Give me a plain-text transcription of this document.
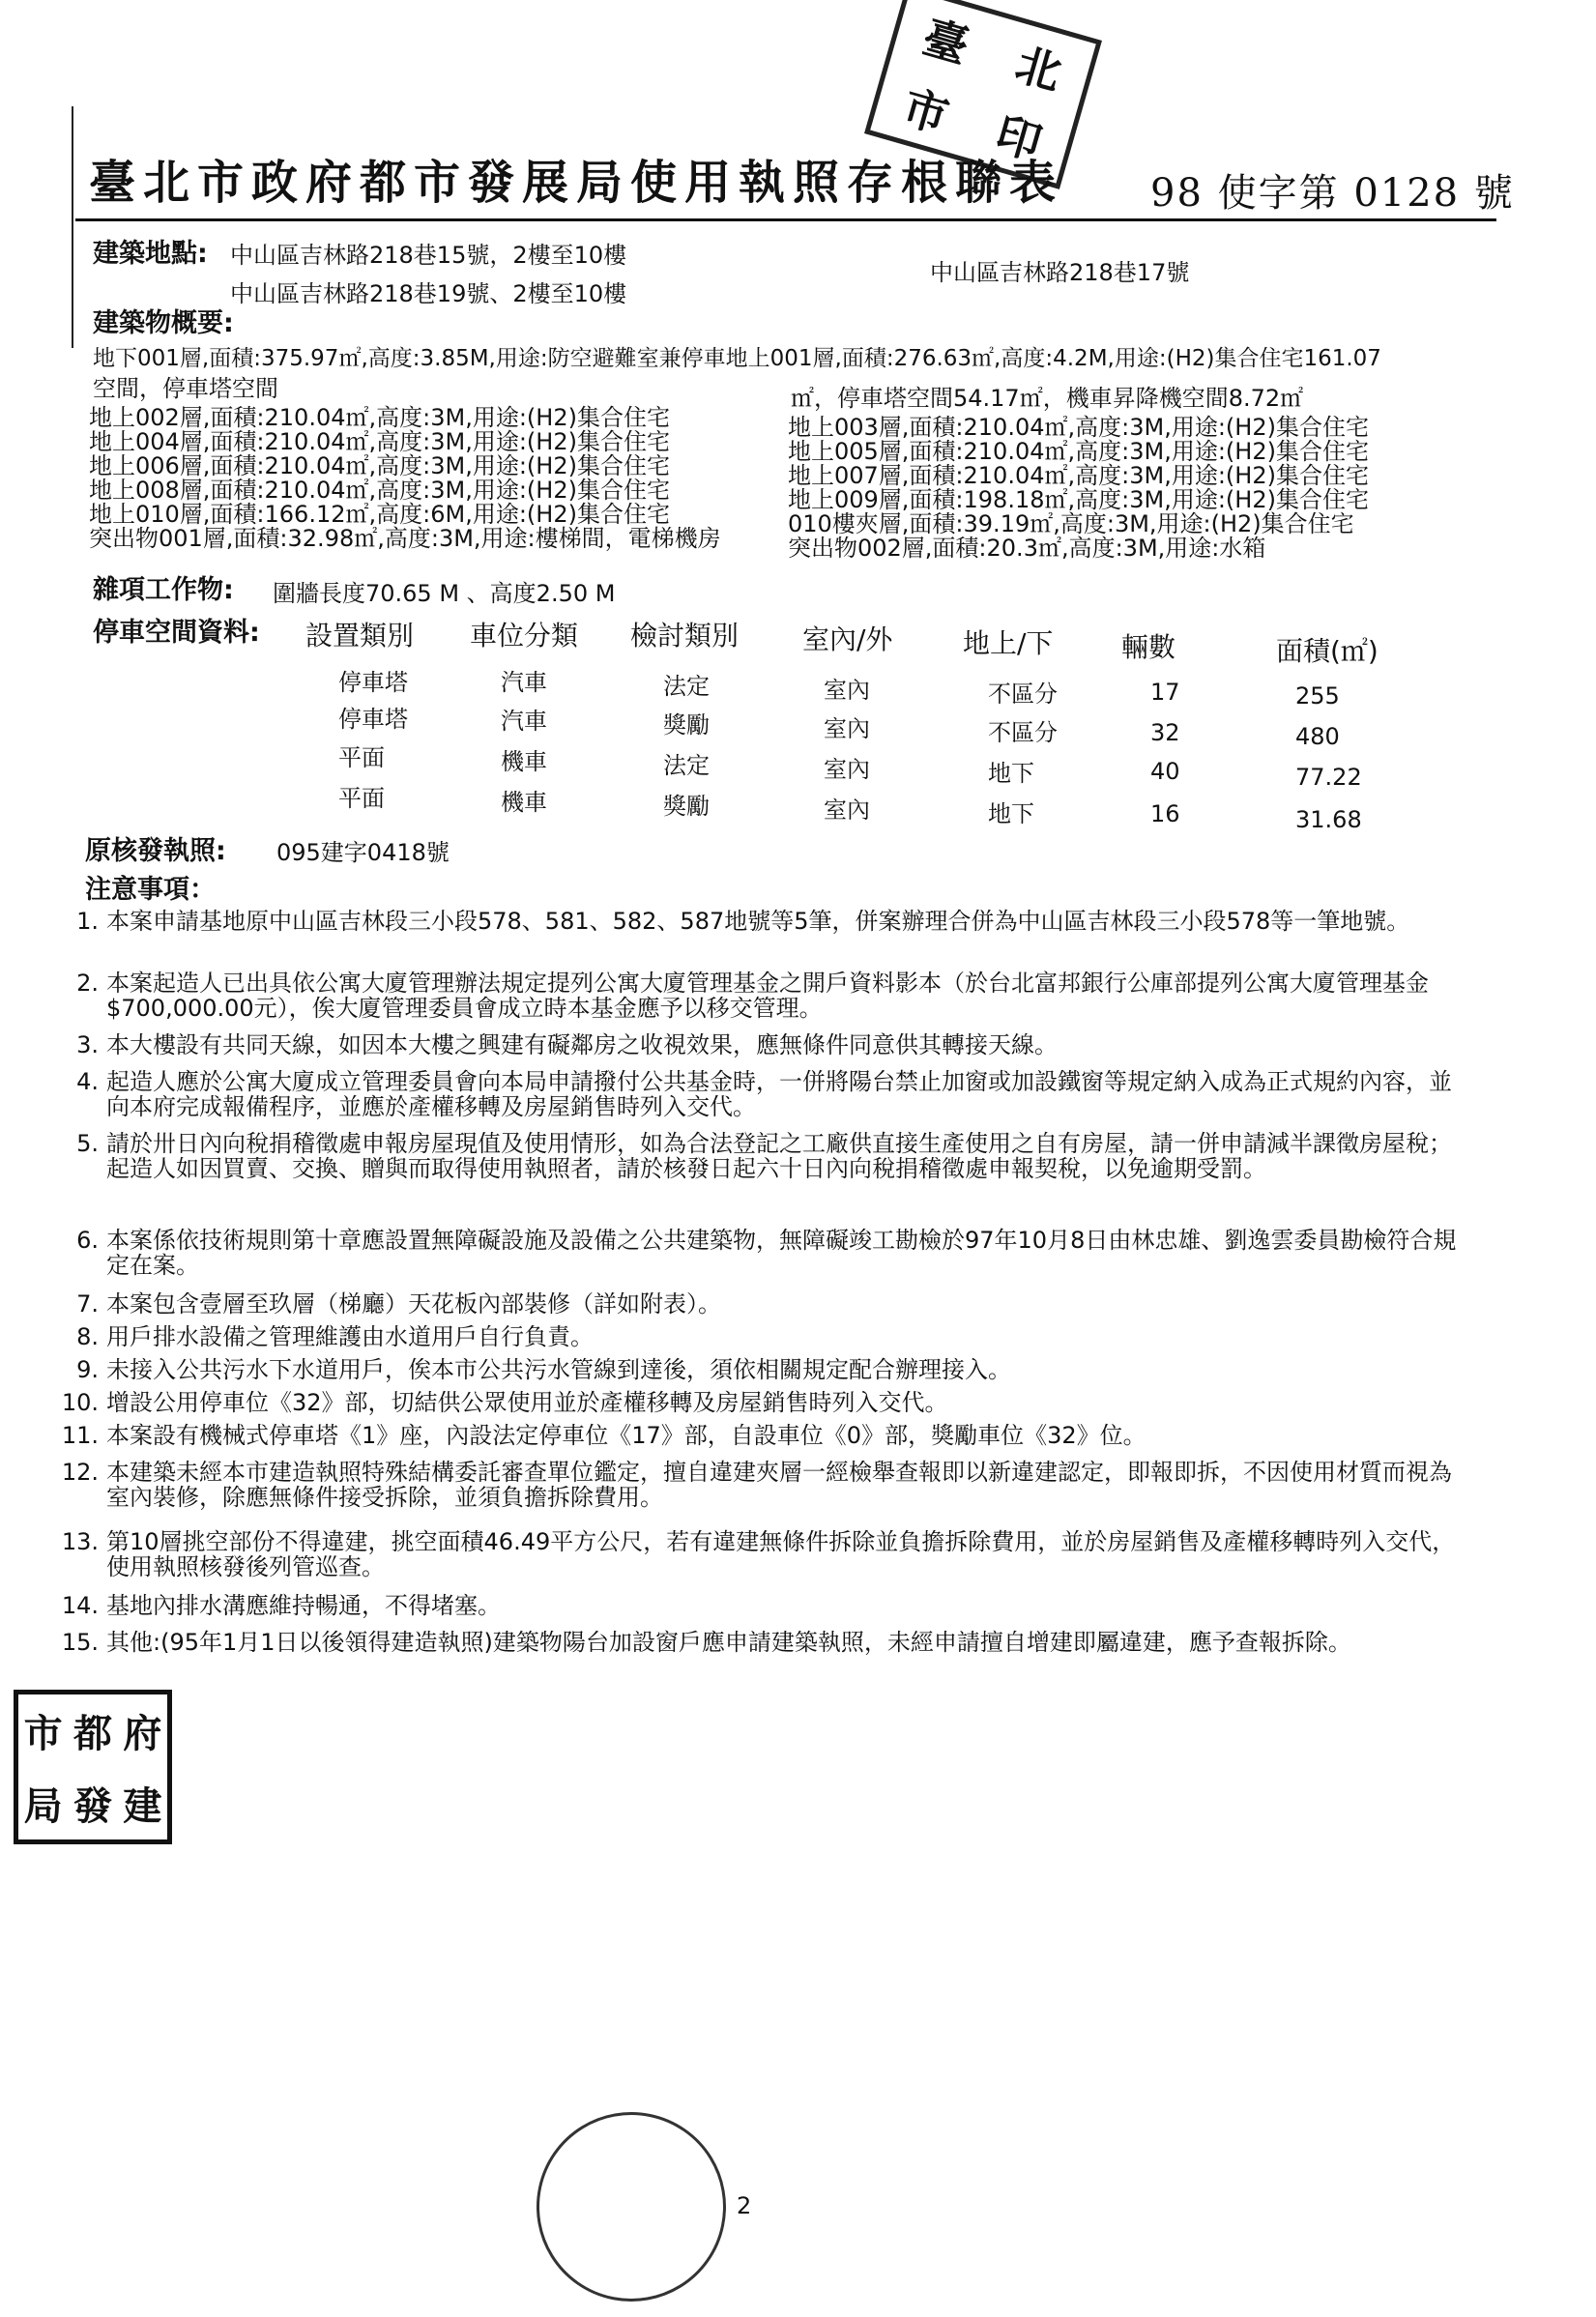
臺 北
市 印
臺北市政府都市發展局使用執照存根聯表 98 使字第 0128 號
建築地點: 中山區吉林路218巷15號，2樓至10樓
中山區吉林路218巷19號、2樓至10樓
中山區吉林路218巷17號
建築物概要:
地下001層,面積:375.97㎡,高度:3.85M,用途:防空避難室兼停車地上001層,面積:276.63㎡,高度:4.2M,用途:(H2)集合住宅161.07
空間，停車塔空間	㎡，停車塔空間54.17㎡，機車昇降機空間8.72㎡
地上002層,面積:210.04㎡,高度:3M,用途:(H2)集合住宅
地上004層,面積:210.04㎡,高度:3M,用途:(H2)集合住宅
地上006層,面積:210.04㎡,高度:3M,用途:(H2)集合住宅
地上008層,面積:210.04㎡,高度:3M,用途:(H2)集合住宅
地上010層,面積:166.12㎡,高度:6M,用途:(H2)集合住宅
突出物001層,面積:32.98㎡,高度:3M,用途:樓梯間，電梯機房
地上003層,面積:210.04㎡,高度:3M,用途:(H2)集合住宅
地上005層,面積:210.04㎡,高度:3M,用途:(H2)集合住宅
地上007層,面積:210.04㎡,高度:3M,用途:(H2)集合住宅
地上009層,面積:198.18㎡,高度:3M,用途:(H2)集合住宅
010樓夾層,面積:39.19㎡,高度:3M,用途:(H2)集合住宅
突出物002層,面積:20.3㎡,高度:3M,用途:水箱
雜項工作物: 圍牆長度70.65 M 、高度2.50 M
停車空間資料: 設置類別 車位分類 檢討類別 室內/外	地上/下	輛數	面積(㎡)
停車塔	汽車	法定	室內	不區分	17	255
停車塔	汽車	獎勵	室內	不區分	32	480
平面	機車	法定	室內	地下	40	77.22
平面	機車	獎勵	室內	地下	16	31.68
原核發執照: 095建字0418號
注意事項：
1. 本案申請基地原中山區吉林段三小段578、581、582、587地號等5筆，併案辦理合併為中山區吉林段三小段578等一筆地號。
2. 本案起造人已出具依公寓大廈管理辦法規定提列公寓大廈管理基金之開戶資料影本（於台北富邦銀行公庫部提列公寓大廈管理基金$700,000.00元），俟大廈管理委員會成立時本基金應予以移交管理。
3. 本大樓設有共同天線，如因本大樓之興建有礙鄰房之收視效果，應無條件同意供其轉接天線。
4. 起造人應於公寓大廈成立管理委員會向本局申請撥付公共基金時，一併將陽台禁止加窗或加設鐵窗等規定納入成為正式規約內容，並向本府完成報備程序，並應於產權移轉及房屋銷售時列入交代。
5. 請於卅日內向稅捐稽徵處申報房屋現值及使用情形，如為合法登記之工廠供直接生產使用之自有房屋，請一併申請減半課徵房屋稅；起造人如因買賣、交換、贈與而取得使用執照者，請於核發日起六十日內向稅捐稽徵處申報契稅，以免逾期受罰。
6. 本案係依技術規則第十章應設置無障礙設施及設備之公共建築物，無障礙竣工勘檢於97年10月8日由林忠雄、劉逸雲委員勘檢符合規定在案。
7. 本案包含壹層至玖層（梯廳）天花板內部裝修（詳如附表）。
8. 用戶排水設備之管理維護由水道用戶自行負責。
9. 未接入公共污水下水道用戶，俟本市公共污水管線到達後，須依相關規定配合辦理接入。
10. 增設公用停車位《32》部，切結供公眾使用並於產權移轉及房屋銷售時列入交代。
11. 本案設有機械式停車塔《1》座，內設法定停車位《17》部，自設車位《0》部，獎勵車位《32》位。
12. 本建築未經本市建造執照特殊結構委託審查單位鑑定，擅自違建夾層一經檢舉查報即以新違建認定，即報即拆，不因使用材質而視為室內裝修，除應無條件接受拆除，並須負擔拆除費用。
13. 第10層挑空部份不得違建，挑空面積46.49平方公尺，若有違建無條件拆除並負擔拆除費用，並於房屋銷售及產權移轉時列入交代，使用執照核發後列管巡查。
14. 基地內排水溝應維持暢通，不得堵塞。
15. 其他:(95年1月1日以後領得建造執照)建築物陽台加設窗戶應申請建築執照，未經申請擅自增建即屬違建，應予查報拆除。
市 都 府
局 發 建
2
